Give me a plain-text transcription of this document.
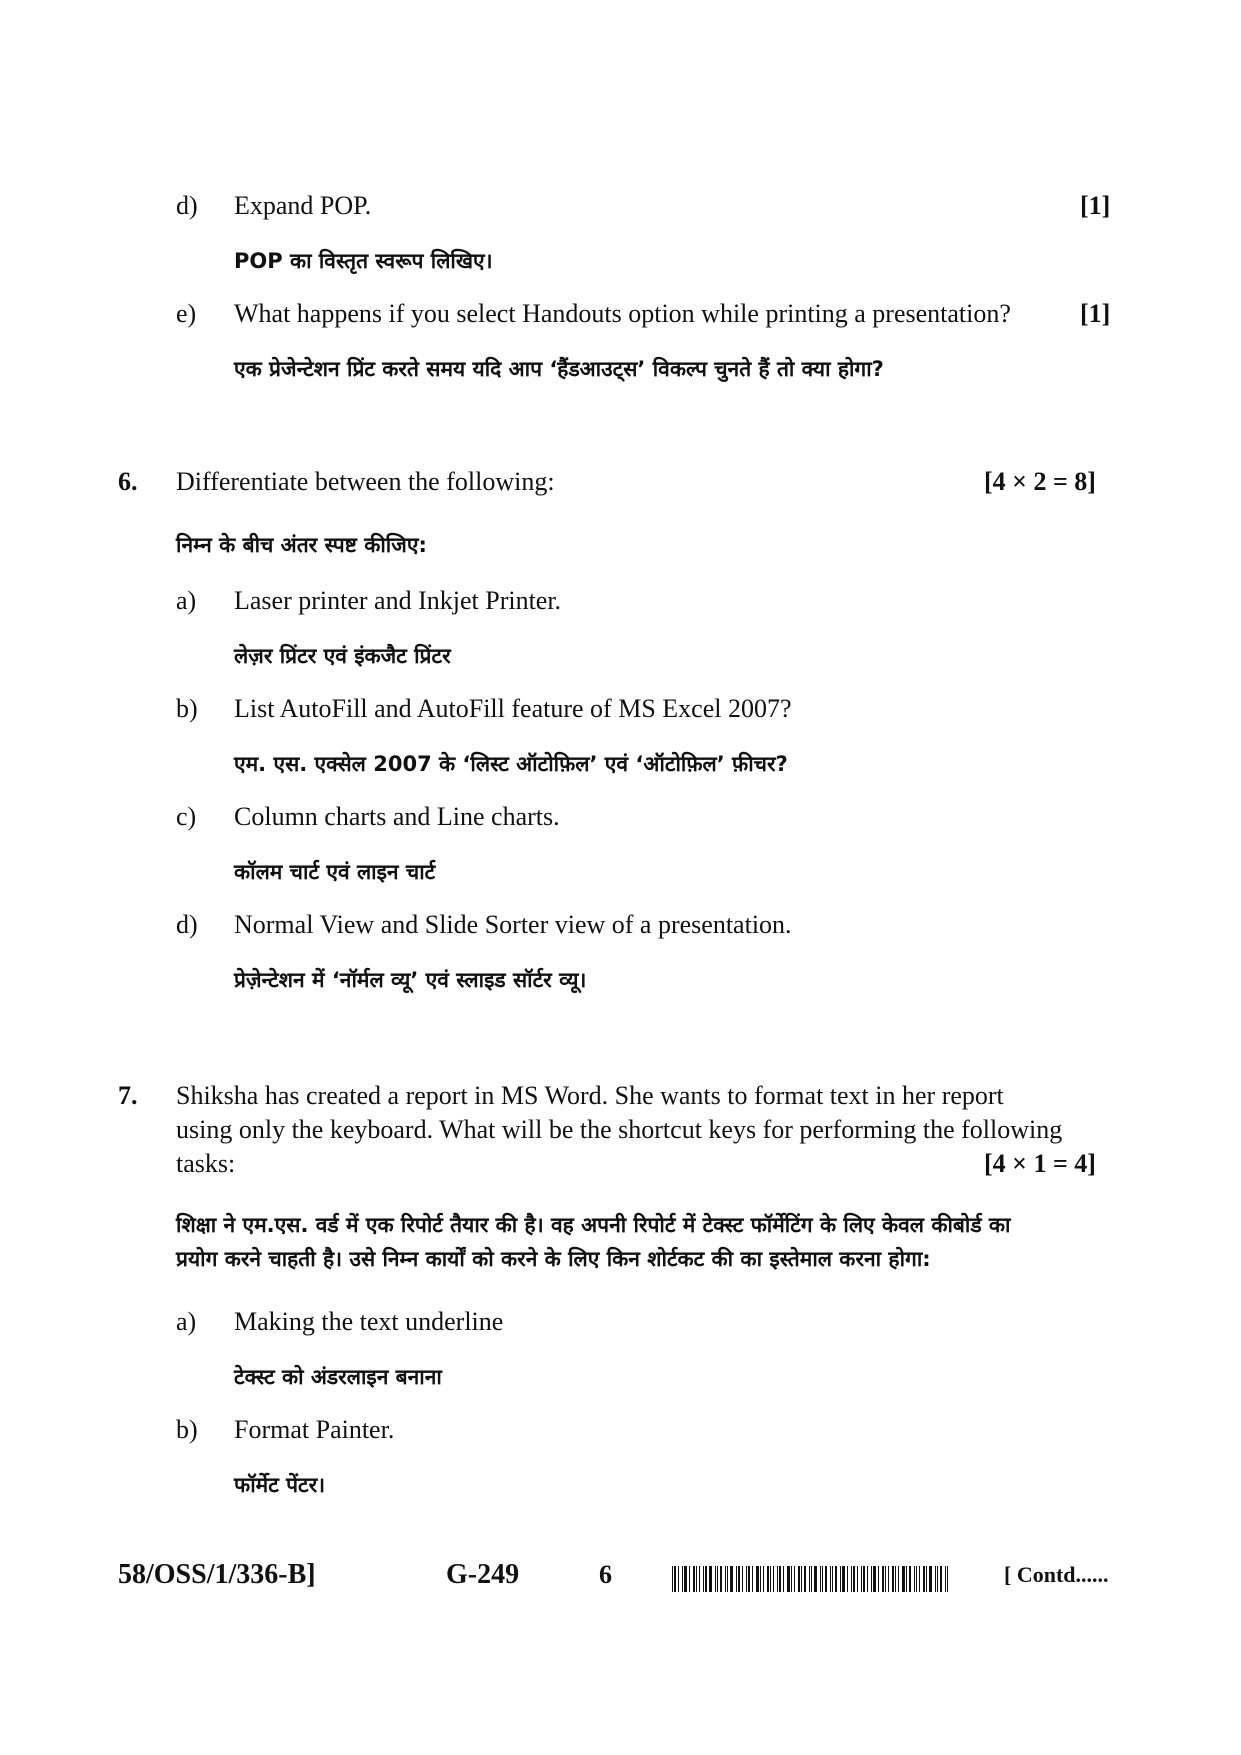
d) Expand POP.	[1]
POP का विस्तृत स्वरूप लिखिए।
e) What happens if you select Handouts option while printing a presentation?	[1]
एक प्रेजेन्टेशन प्रिंट करते समय यदि आप ‘हैंडआउट्स’ विकल्प चुनते हैं तो क्या होगा?
6. Differentiate between the following:	[4 × 2 = 8]
निम्न के बीच अंतर स्पष्ट कीजिए:
a) Laser printer and Inkjet Printer.
लेज़र प्रिंटर एवं इंकजैट प्रिंटर
b) List AutoFill and AutoFill feature of MS Excel 2007?
एम. एस. एक्सेल 2007 के ‘लिस्ट ऑटोफ़िल’ एवं ‘ऑटोफ़िल’ फ़ीचर?
c) Column charts and Line charts.
कॉलम चार्ट एवं लाइन चार्ट
d) Normal View and Slide Sorter view of a presentation.
प्रेज़ेन्टेशन में ‘नॉर्मल व्यू’ एवं स्लाइड सॉर्टर व्यू।
7. Shiksha has created a report in MS Word. She wants to format text in her report
using only the keyboard. What will be the shortcut keys for performing the following
tasks:	[4 × 1 = 4]
शिक्षा ने एम.एस. वर्ड में एक रिपोर्ट तैयार की है। वह अपनी रिपोर्ट में टेक्स्ट फॉर्मेटिंग के लिए केवल कीबोर्ड का
प्रयोग करने चाहती है। उसे निम्न कार्यों को करने के लिए किन शोर्टकट की का इस्तेमाल करना होगा:
a) Making the text underline
टेक्स्ट को अंडरलाइन बनाना
b) Format Painter.
फॉर्मेट पेंटर।
58/OSS/1/336-B]	G-249	6	[ Contd......
